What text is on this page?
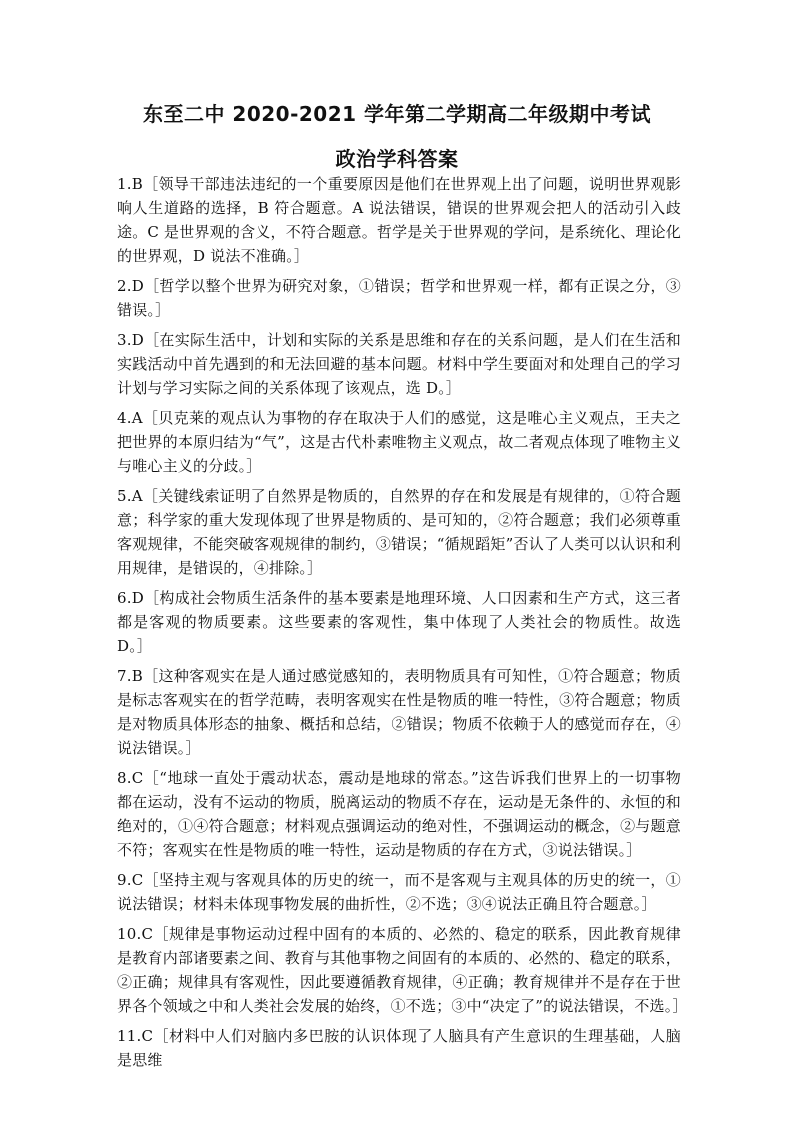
东至二中 2020-2021 学年第二学期高二年级期中考试
政治学科答案

1.B［领导干部违法违纪的一个重要原因是他们在世界观上出了问题，说明世界观影响人生道路的选择，B 符合题意。A 说法错误，错误的世界观会把人的活动引入歧途。C 是世界观的含义，不符合题意。哲学是关于世界观的学问，是系统化、理论化的世界观，D 说法不准确。］

2.D［哲学以整个世界为研究对象，①错误；哲学和世界观一样，都有正误之分，③错误。］

3.D［在实际生活中，计划和实际的关系是思维和存在的关系问题，是人们在生活和实践活动中首先遇到的和无法回避的基本问题。材料中学生要面对和处理自己的学习计划与学习实际之间的关系体现了该观点，选 D。］

4.A［贝克莱的观点认为事物的存在取决于人们的感觉，这是唯心主义观点，王夫之把世界的本原归结为“气”，这是古代朴素唯物主义观点，故二者观点体现了唯物主义与唯心主义的分歧。］

5.A［关键线索证明了自然界是物质的，自然界的存在和发展是有规律的，①符合题意；科学家的重大发现体现了世界是物质的、是可知的，②符合题意；我们必须尊重客观规律，不能突破客观规律的制约，③错误；“循规蹈矩”否认了人类可以认识和利用规律，是错误的，④排除。］

6.D［构成社会物质生活条件的基本要素是地理环境、人口因素和生产方式，这三者都是客观的物质要素。这些要素的客观性，集中体现了人类社会的物质性。故选 D。］

7.B［这种客观实在是人通过感觉感知的，表明物质具有可知性，①符合题意；物质是标志客观实在的哲学范畴，表明客观实在性是物质的唯一特性，③符合题意；物质是对物质具体形态的抽象、概括和总结，②错误；物质不依赖于人的感觉而存在，④说法错误。］

8.C［“地球一直处于震动状态，震动是地球的常态。”这告诉我们世界上的一切事物都在运动，没有不运动的物质，脱离运动的物质不存在，运动是无条件的、永恒的和绝对的，①④符合题意；材料观点强调运动的绝对性，不强调运动的概念，②与题意不符；客观实在性是物质的唯一特性，运动是物质的存在方式，③说法错误。］

9.C［坚持主观与客观具体的历史的统一，而不是客观与主观具体的历史的统一，①说法错误；材料未体现事物发展的曲折性，②不选；③④说法正确且符合题意。］

10.C［规律是事物运动过程中固有的本质的、必然的、稳定的联系，因此教育规律是教育内部诸要素之间、教育与其他事物之间固有的本质的、必然的、稳定的联系，②正确；规律具有客观性，因此要遵循教育规律，④正确；教育规律并不是存在于世界各个领域之中和人类社会发展的始终，①不选；③中“决定了”的说法错误，不选。］

11.C［材料中人们对脑内多巴胺的认识体现了人脑具有产生意识的生理基础，人脑是思维
